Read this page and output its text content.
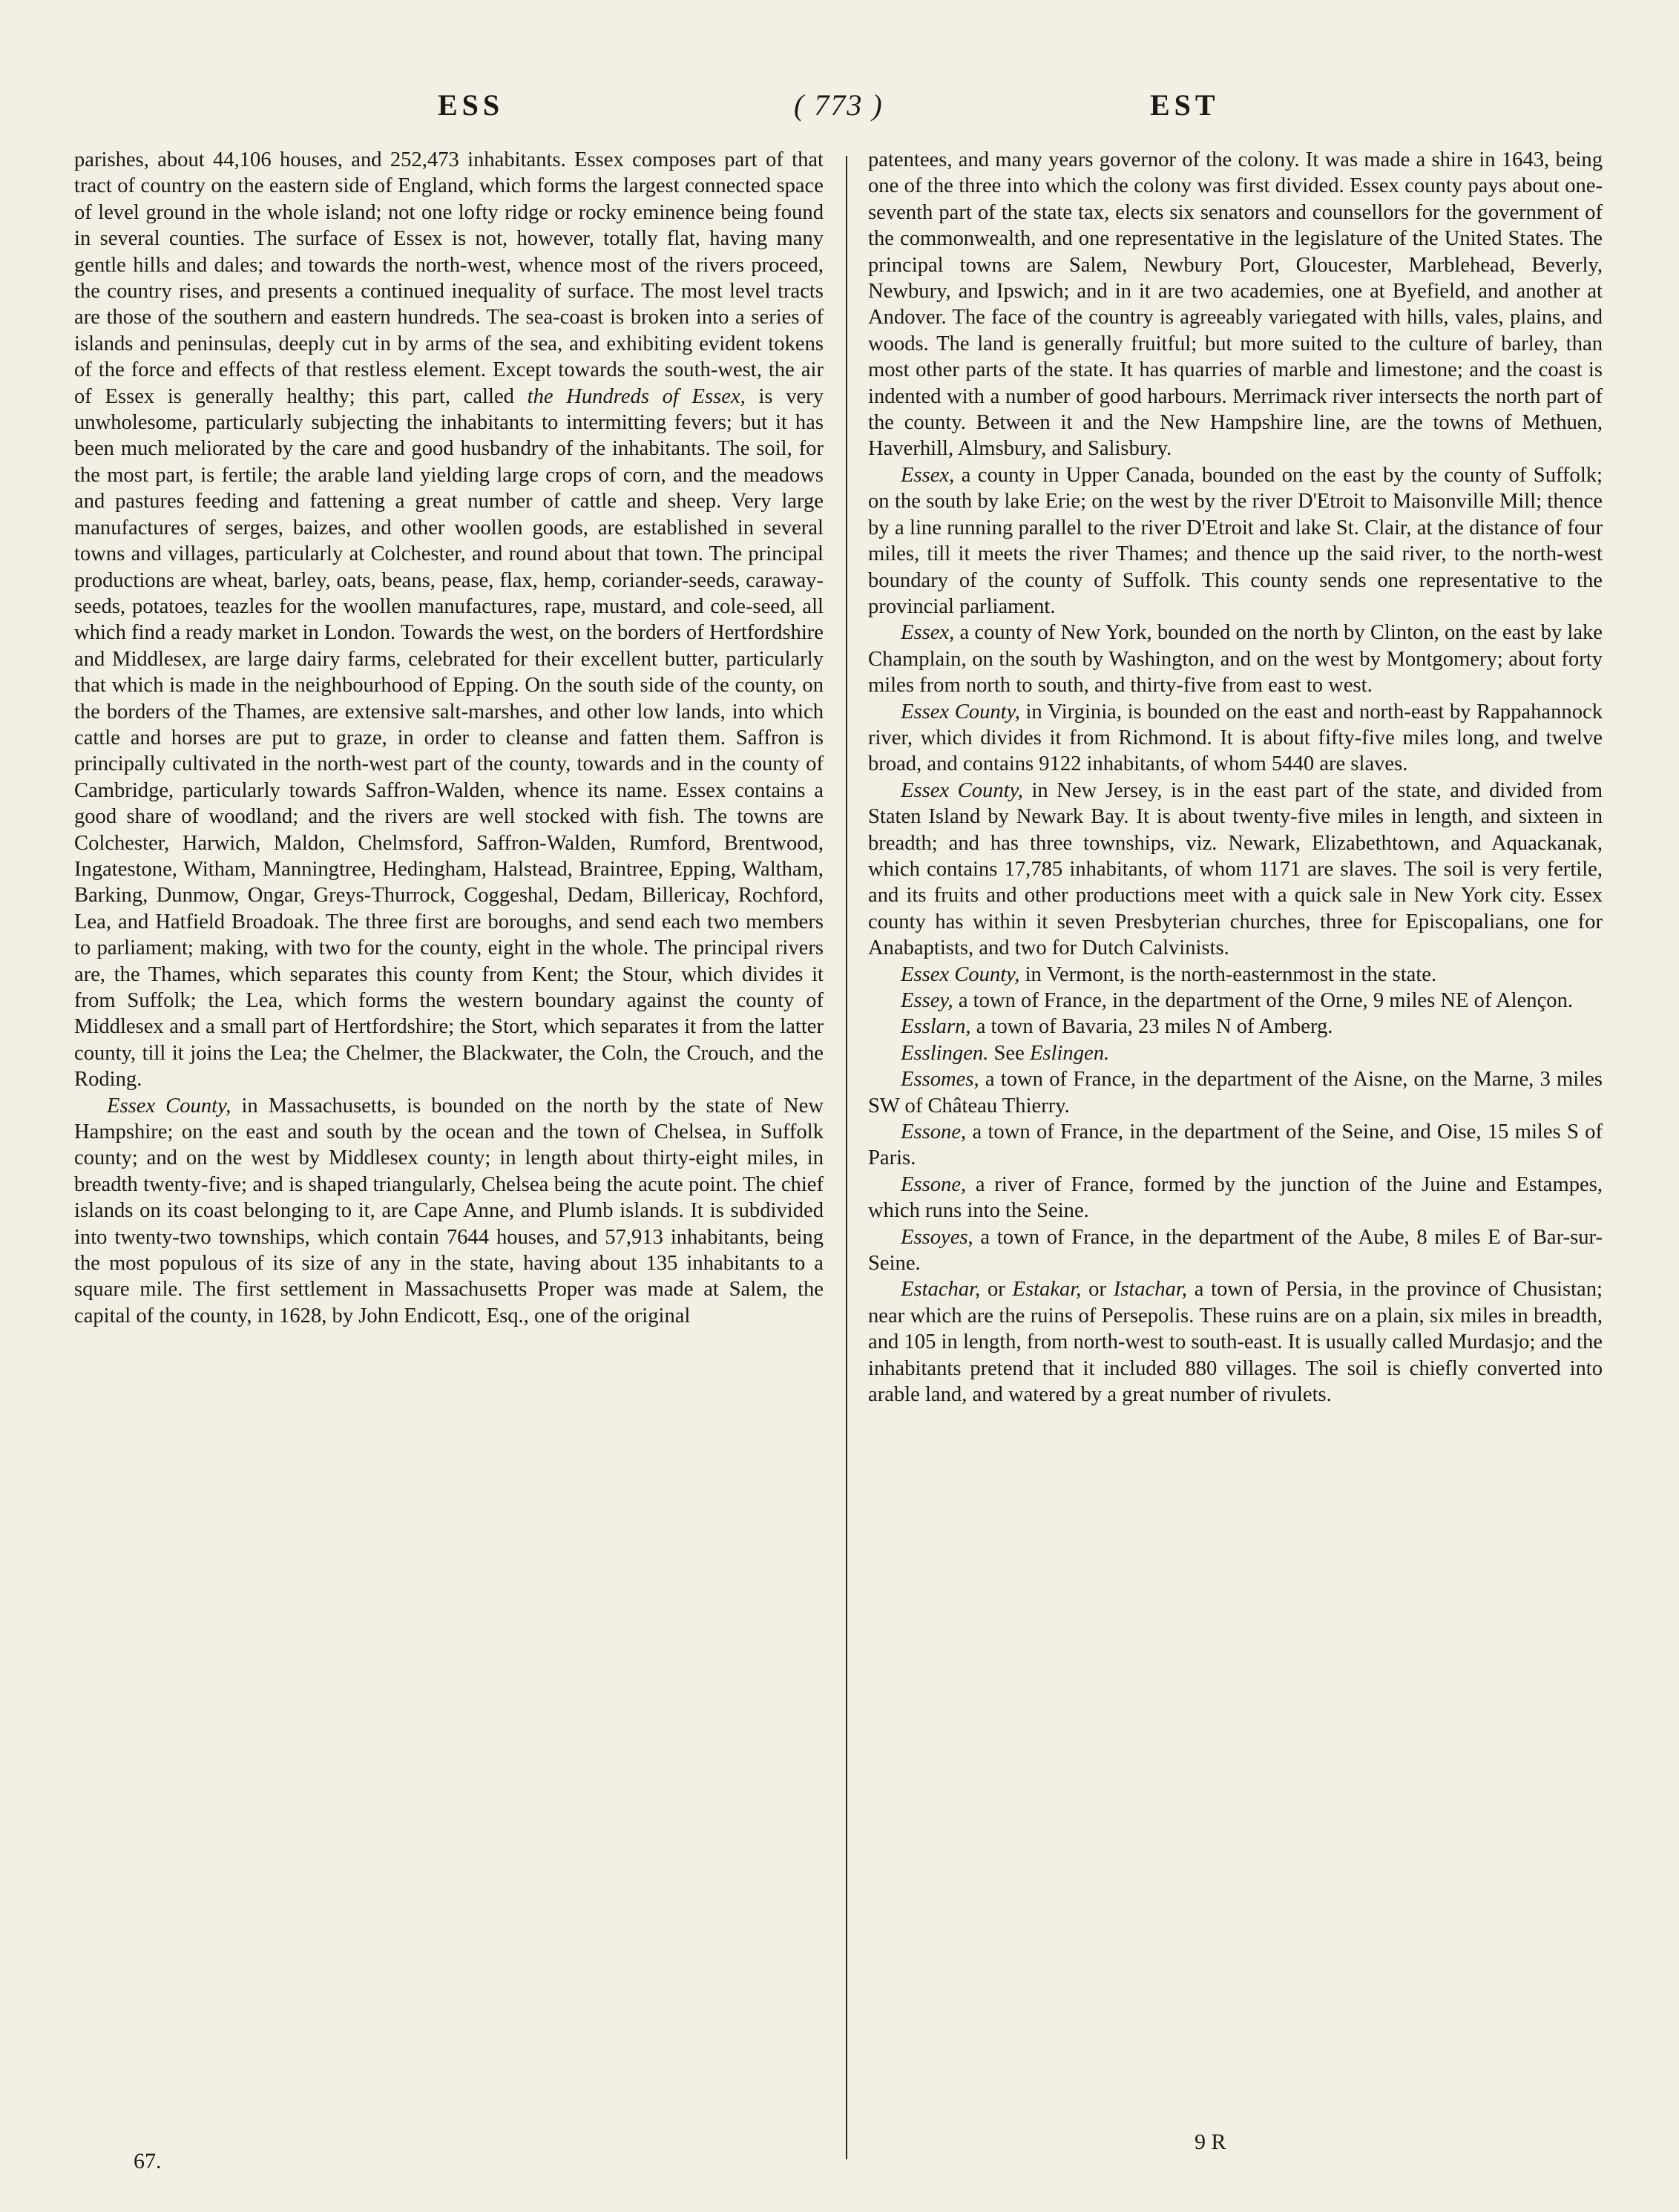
ESS	( 773 )	EST

parishes, about 44,106 houses, and 252,473 inhabitants. Essex composes part of that tract of country on the eastern side of England, which forms the largest connected space of level ground in the whole island; not one lofty ridge or rocky eminence being found in several counties. The surface of Essex is not, however, totally flat, having many gentle hills and dales; and towards the north-west, whence most of the rivers proceed, the country rises, and presents a continued inequality of surface. The most level tracts are those of the southern and eastern hundreds. The sea-coast is broken into a series of islands and peninsulas, deeply cut in by arms of the sea, and exhibiting evident tokens of the force and effects of that restless element. Except towards the south-west, the air of Essex is generally healthy; this part, called the Hundreds of Essex, is very unwholesome, particularly subjecting the inhabitants to intermitting fevers; but it has been much meliorated by the care and good husbandry of the inhabitants. The soil, for the most part, is fertile; the arable land yielding large crops of corn, and the meadows and pastures feeding and fattening a great number of cattle and sheep. Very large manufactures of serges, baizes, and other woollen goods, are established in several towns and villages, particularly at Colchester, and round about that town. The principal productions are wheat, barley, oats, beans, pease, flax, hemp, coriander-seeds, caraway-seeds, potatoes, teazles for the woollen manufactures, rape, mustard, and cole-seed, all which find a ready market in London. Towards the west, on the borders of Hertfordshire and Middlesex, are large dairy farms, celebrated for their excellent butter, particularly that which is made in the neighbourhood of Epping. On the south side of the county, on the borders of the Thames, are extensive salt-marshes, and other low lands, into which cattle and horses are put to graze, in order to cleanse and fatten them. Saffron is principally cultivated in the north-west part of the county, towards and in the county of Cambridge, particularly towards Saffron-Walden, whence its name. Essex contains a good share of woodland; and the rivers are well stocked with fish. The towns are Colchester, Harwich, Maldon, Chelmsford, Saffron-Walden, Rumford, Brentwood, Ingatestone, Witham, Manningtree, Hedingham, Halstead, Braintree, Epping, Waltham, Barking, Dunmow, Ongar, Greys-Thurrock, Coggeshal, Dedam, Billericay, Rochford, Lea, and Hatfield Broadoak. The three first are boroughs, and send each two members to parliament; making, with two for the county, eight in the whole. The principal rivers are, the Thames, which separates this county from Kent; the Stour, which divides it from Suffolk; the Lea, which forms the western boundary against the county of Middlesex and a small part of Hertfordshire; the Stort, which separates it from the latter county, till it joins the Lea; the Chelmer, the Blackwater, the Coln, the Crouch, and the Roding.

Essex County, in Massachusetts, is bounded on the north by the state of New Hampshire; on the east and south by the ocean and the town of Chelsea, in Suffolk county; and on the west by Middlesex county; in length about thirty-eight miles, in breadth twenty-five; and is shaped triangularly, Chelsea being the acute point. The chief islands on its coast belonging to it, are Cape Anne, and Plumb islands. It is subdivided into twenty-two townships, which contain 7644 houses, and 57,913 inhabitants, being the most populous of its size of any in the state, having about 135 inhabitants to a square mile. The first settlement in Massachusetts Proper was made at Salem, the capital of the county, in 1628, by John Endicott, Esq., one of the original

patentees, and many years governor of the colony. It was made a shire in 1643, being one of the three into which the colony was first divided. Essex county pays about one-seventh part of the state tax, elects six senators and counsellors for the government of the commonwealth, and one representative in the legislature of the United States. The principal towns are Salem, Newbury Port, Gloucester, Marblehead, Beverly, Newbury, and Ipswich; and in it are two academies, one at Byefield, and another at Andover. The face of the country is agreeably variegated with hills, vales, plains, and woods. The land is generally fruitful; but more suited to the culture of barley, than most other parts of the state. It has quarries of marble and limestone; and the coast is indented with a number of good harbours. Merrimack river intersects the north part of the county. Between it and the New Hampshire line, are the towns of Methuen, Haverhill, Almsbury, and Salisbury.

Essex, a county in Upper Canada, bounded on the east by the county of Suffolk; on the south by lake Erie; on the west by the river D'Etroit to Maisonville Mill; thence by a line running parallel to the river D'Etroit and lake St. Clair, at the distance of four miles, till it meets the river Thames; and thence up the said river, to the north-west boundary of the county of Suffolk. This county sends one representative to the provincial parliament.

Essex, a county of New York, bounded on the north by Clinton, on the east by lake Champlain, on the south by Washington, and on the west by Montgomery; about forty miles from north to south, and thirty-five from east to west.

Essex County, in Virginia, is bounded on the east and north-east by Rappahannock river, which divides it from Richmond. It is about fifty-five miles long, and twelve broad, and contains 9122 inhabitants, of whom 5440 are slaves.

Essex County, in New Jersey, is in the east part of the state, and divided from Staten Island by Newark Bay. It is about twenty-five miles in length, and sixteen in breadth; and has three townships, viz. Newark, Elizabethtown, and Aquackanak, which contains 17,785 inhabitants, of whom 1171 are slaves. The soil is very fertile, and its fruits and other productions meet with a quick sale in New York city. Essex county has within it seven Presbyterian churches, three for Episcopalians, one for Anabaptists, and two for Dutch Calvinists.

Essex County, in Vermont, is the north-easternmost in the state.

Essey, a town of France, in the department of the Orne, 9 miles NE of Alençon.

Esslarn, a town of Bavaria, 23 miles N of Amberg.

Esslingen. See Eslingen.

Essomes, a town of France, in the department of the Aisne, on the Marne, 3 miles SW of Château Thierry.

Essone, a town of France, in the department of the Seine, and Oise, 15 miles S of Paris.

Essone, a river of France, formed by the junction of the Juine and Estampes, which runs into the Seine.

Essoyes, a town of France, in the department of the Aube, 8 miles E of Bar-sur-Seine.

Estachar, or Estakar, or Istachar, a town of Persia, in the province of Chusistan; near which are the ruins of Persepolis. These ruins are on a plain, six miles in breadth, and 105 in length, from north-west to south-east. It is usually called Murdasjo; and the inhabitants pretend that it included 880 villages. The soil is chiefly converted into arable land, and watered by a great number of rivulets.

67.
9 R
